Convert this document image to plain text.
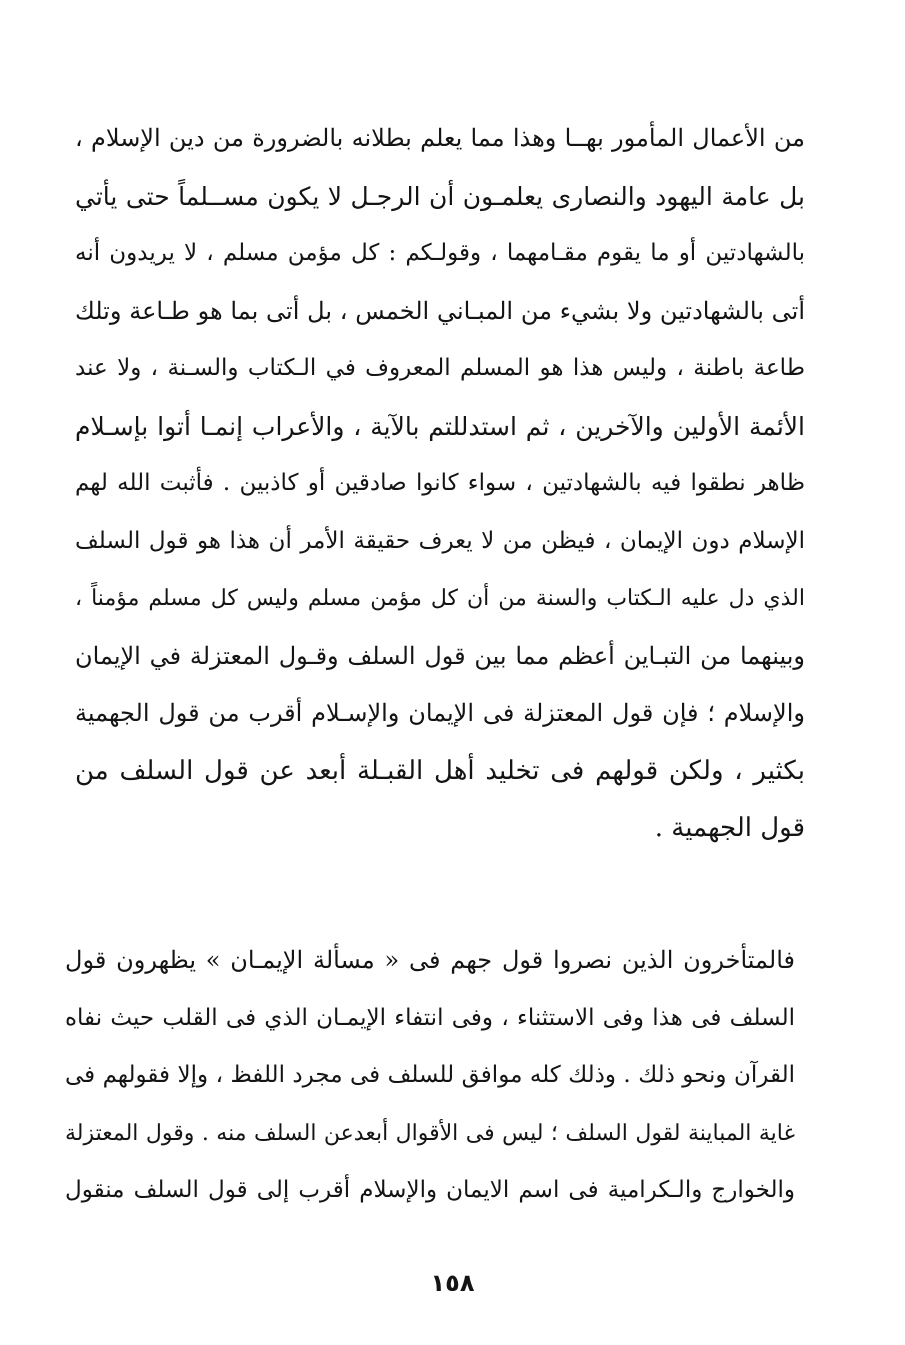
من الأعمال المأمور بهــا وهذا مما يعلم بطلانه بالضرورة من دين الإسلام ،
بل عامة اليهود والنصارى يعلمـون أن الرجـل لا يكون مســلماً حتى يأتي
بالشهادتين أو ما يقوم مقـامهما ، وقولـكم : كل مؤمن مسلم ، لا يريدون أنه
أتى بالشهادتين ولا بشيء من المبـاني الخمس ، بل أتى بما هو طـاعة وتلك
طاعة باطنة ، وليس هذا هو المسلم المعروف في الـكتاب والسـنة ، ولا عند
الأئمة الأولين والآخرين ، ثم استدللتم بالآية ، والأعراب إنمـا أتوا بإسـلام
ظاهر نطقوا فيه بالشهادتين ، سواء كانوا صادقين أو كاذبين . فأثبت الله لهم
الإسلام دون الإيمان ، فيظن من لا يعرف حقيقة الأمر أن هذا هو قول السلف
الذي دل عليه الـكتاب والسنة من أن كل مؤمن مسلم وليس كل مسلم مؤمناً ،
وبينهما من التبـاين أعظم مما بين قول السلف وقـول المعتزلة في الإيمان
والإسلام ؛ فإن قول المعتزلة فى الإيمان والإسـلام أقرب من قول الجهمية
بكثير ، ولكن قولهم فى تخليد أهل القبـلة أبعد عن قول السلف من
قول الجهمية .
فالمتأخرون الذين نصروا قول جهم فى « مسألة الإيمـان » يظهرون قول
السلف فى هذا وفى الاستثناء ، وفى انتفاء الإيمـان الذي فى القلب حيث نفاه
القرآن ونحو ذلك . وذلك كله موافق للسلف فى مجرد اللفظ ، وإلا فقولهم فى
غاية المباينة لقول السلف ؛ ليس فى الأقوال أبعدعن السلف منه . وقول المعتزلة
والخوارج والـكرامية فى اسم الايمان والإسلام أقرب إلى قول السلف منقول
١٥٨
